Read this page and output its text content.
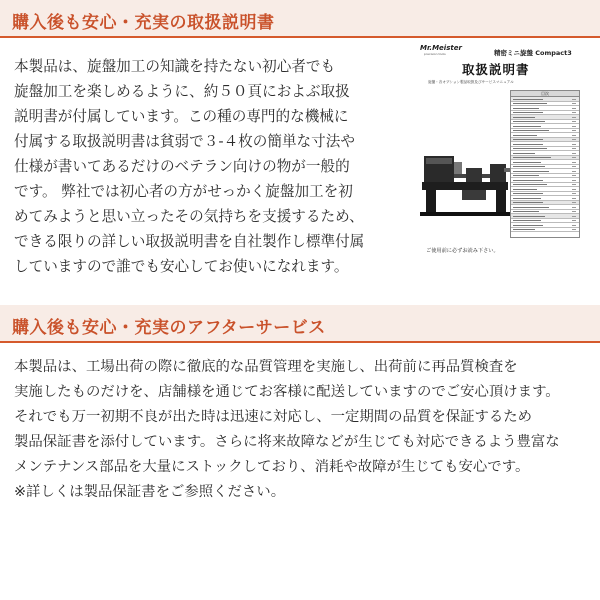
購入後も安心・充実の取扱説明書
本製品は、旋盤加工の知識を持たない初心者でも
旋盤加工を楽しめるように、約５０頁におよぶ取扱
説明書が付属しています。この種の専門的な機械に
付属する取扱説明書は貧弱で３-４枚の簡単な寸法や
仕様が書いてあるだけのベテラン向けの物が一般的
です。 弊社では初心者の方がせっかく旋盤加工を初
めてみようと思い立ったその気持ちを支援するため、
できる限りの詳しい取扱説明書を自社製作し標準付属
していますので誰でも安心してお使いになれます。
Mr.Meister
precision tools	精密ミニ旋盤 Compact3
取扱説明書
旋盤・各オプション製品取扱及びサービスマニュアル
目次
ご使用前に必ずお読み下さい。
購入後も安心・充実のアフターサービス
本製品は、工場出荷の際に徹底的な品質管理を実施し、出荷前に再品質検査を
実施したものだけを、店舗様を通じてお客様に配送していますのでご安心頂けます。
それでも万一初期不良が出た時は迅速に対応し、一定期間の品質を保証するため
製品保証書を添付しています。さらに将来故障などが生じても対応できるよう豊富な
メンテナンス部品を大量にストックしており、消耗や故障が生じても安心です。
※詳しくは製品保証書をご参照ください。
